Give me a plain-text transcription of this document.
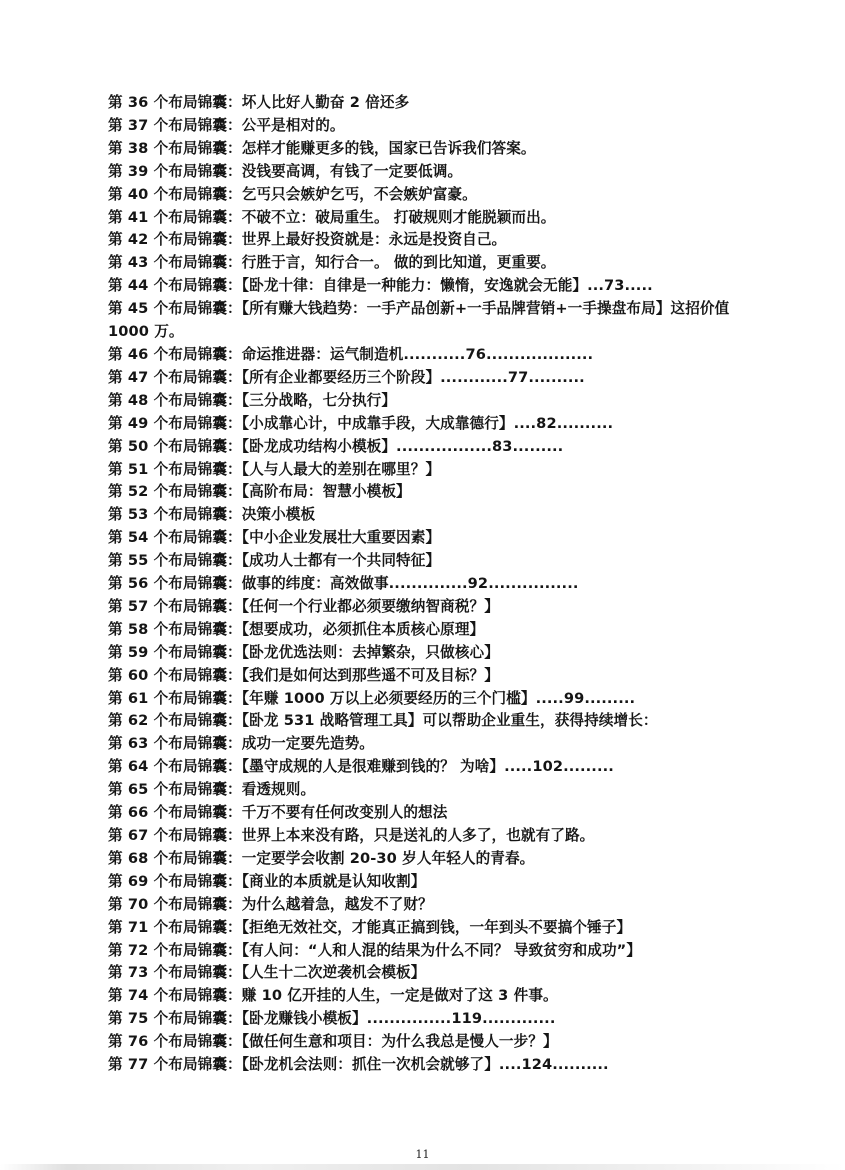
第 36 个布局锦囊：坏人比好人勤奋 2 倍还多
第 37 个布局锦囊：公平是相对的。
第 38 个布局锦囊：怎样才能赚更多的钱，国家已告诉我们答案。
第 39 个布局锦囊：没钱要高调，有钱了一定要低调。
第 40 个布局锦囊：乞丐只会嫉妒乞丐，不会嫉妒富豪。
第 41 个布局锦囊：不破不立：破局重生。 打破规则才能脱颖而出。
第 42 个布局锦囊：世界上最好投资就是：永远是投资自己。
第 43 个布局锦囊：行胜于言，知行合一。 做的到比知道，更重要。
第 44 个布局锦囊：【卧龙十律：自律是一种能力：懒惰，安逸就会无能】...73.....
第 45 个布局锦囊：【所有赚大钱趋势：一手产品创新+一手品牌营销+一手操盘布局】这招价值 1000 万。
第 46 个布局锦囊：命运推进器：运气制造机...........76...................
第 47 个布局锦囊：【所有企业都要经历三个阶段】............77..........
第 48 个布局锦囊：【三分战略，七分执行】
第 49 个布局锦囊：【小成靠心计，中成靠手段，大成靠德行】....82..........
第 50 个布局锦囊：【卧龙成功结构小模板】.................83.........
第 51 个布局锦囊：【人与人最大的差别在哪里？】
第 52 个布局锦囊：【高阶布局：智慧小模板】
第 53 个布局锦囊：决策小模板
第 54 个布局锦囊：【中小企业发展壮大重要因素】
第 55 个布局锦囊：【成功人士都有一个共同特征】
第 56 个布局锦囊：做事的纬度：高效做事..............92................
第 57 个布局锦囊：【任何一个行业都必须要缴纳智商税？】
第 58 个布局锦囊：【想要成功，必须抓住本质核心原理】
第 59 个布局锦囊：【卧龙优选法则：去掉繁杂，只做核心】
第 60 个布局锦囊：【我们是如何达到那些遥不可及目标？】
第 61 个布局锦囊：【年赚 1000 万以上必须要经历的三个门槛】.....99.........
第 62 个布局锦囊：【卧龙 531 战略管理工具】可以帮助企业重生，获得持续增长：
第 63 个布局锦囊：成功一定要先造势。
第 64 个布局锦囊：【墨守成规的人是很难赚到钱的？ 为啥】.....102.........
第 65 个布局锦囊：看透规则。
第 66 个布局锦囊：千万不要有任何改变别人的想法
第 67 个布局锦囊：世界上本来没有路，只是送礼的人多了，也就有了路。
第 68 个布局锦囊：一定要学会收割 20-30 岁人年轻人的青春。
第 69 个布局锦囊：【商业的本质就是认知收割】
第 70 个布局锦囊：为什么越着急，越发不了财？
第 71 个布局锦囊：【拒绝无效社交，才能真正搞到钱，一年到头不要搞个锤子】
第 72 个布局锦囊：【有人问：“人和人混的结果为什么不同？ 导致贫穷和成功”】
第 73 个布局锦囊：【人生十二次逆袭机会模板】
第 74 个布局锦囊：赚 10 亿开挂的人生，一定是做对了这 3 件事。
第 75 个布局锦囊：【卧龙赚钱小模板】...............119.............
第 76 个布局锦囊：【做任何生意和项目：为什么我总是慢人一步？】
第 77 个布局锦囊：【卧龙机会法则：抓住一次机会就够了】....124..........
11
